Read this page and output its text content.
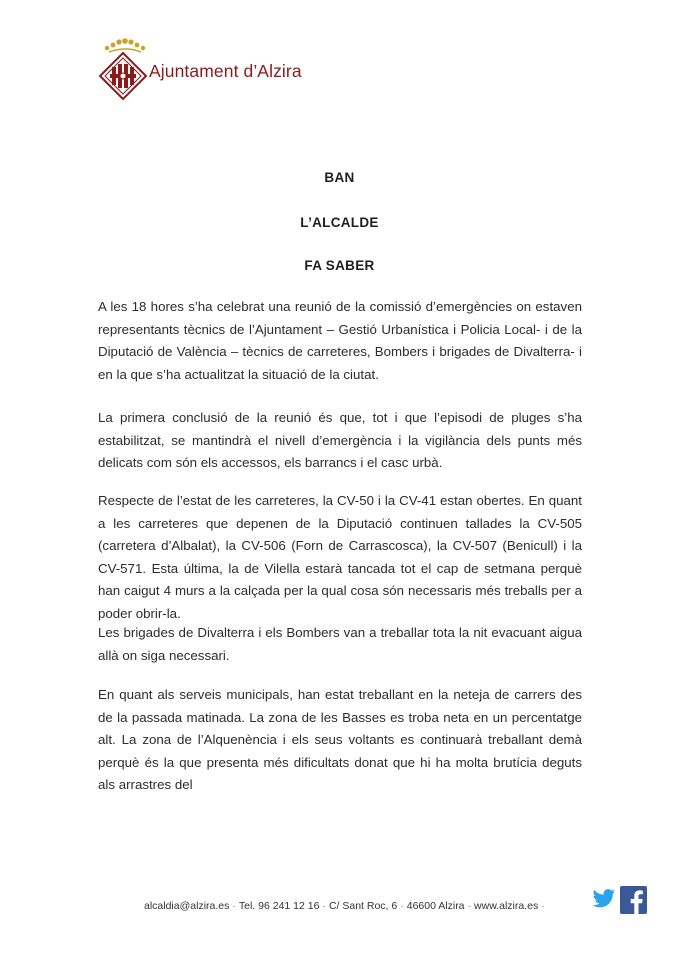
Ajuntament d’Alzira
BAN
L’ALCALDE
FA SABER

A les 18 hores s’ha celebrat una reunió de la comissió d’emergències on estaven representants tècnics de l’Ajuntament – Gestió Urbanística i Policia Local- i de la Diputació de València – tècnics de carreteres, Bombers i brigades de Divalterra- i en la que s’ha actualitzat la situació de la ciutat.

La primera conclusió de la reunió és que, tot i que l’episodi de pluges s’ha estabilitzat, se mantindrà el nivell d’emergència i la vigilància dels punts més delicats com són els accessos, els barrancs i el casc urbà.

Respecte de l’estat de les carreteres, la CV-50 i la CV-41 estan obertes. En quant a les carreteres que depenen de la Diputació continuen tallades la CV-505 (carretera d’Albalat), la CV-506 (Forn de Carrascosca), la CV-507 (Benicull) i la CV-571. Esta última, la de Vilella estarà tancada tot el cap de setmana perquè han caigut 4 murs a la calçada per la qual cosa són necessaris més treballs per a poder obrir-la.

Les brigades de Divalterra i els Bombers van a treballar tota la nit evacuant aigua allà on siga necessari.

En quant als serveis municipals, han estat treballant en la neteja de carrers des de la passada matinada. La zona de les Basses es troba neta en un percentatge alt. La zona de l’Alquenència i els seus voltants es continuarà treballant demà perquè és la que presenta més dificultats donat que hi ha molta brutícia deguts als arrastres del

alcaldia@alzira.es · Tel. 96 241 12 16 · C/ Sant Roc, 6 · 46600 Alzira · www.alzira.es ·
